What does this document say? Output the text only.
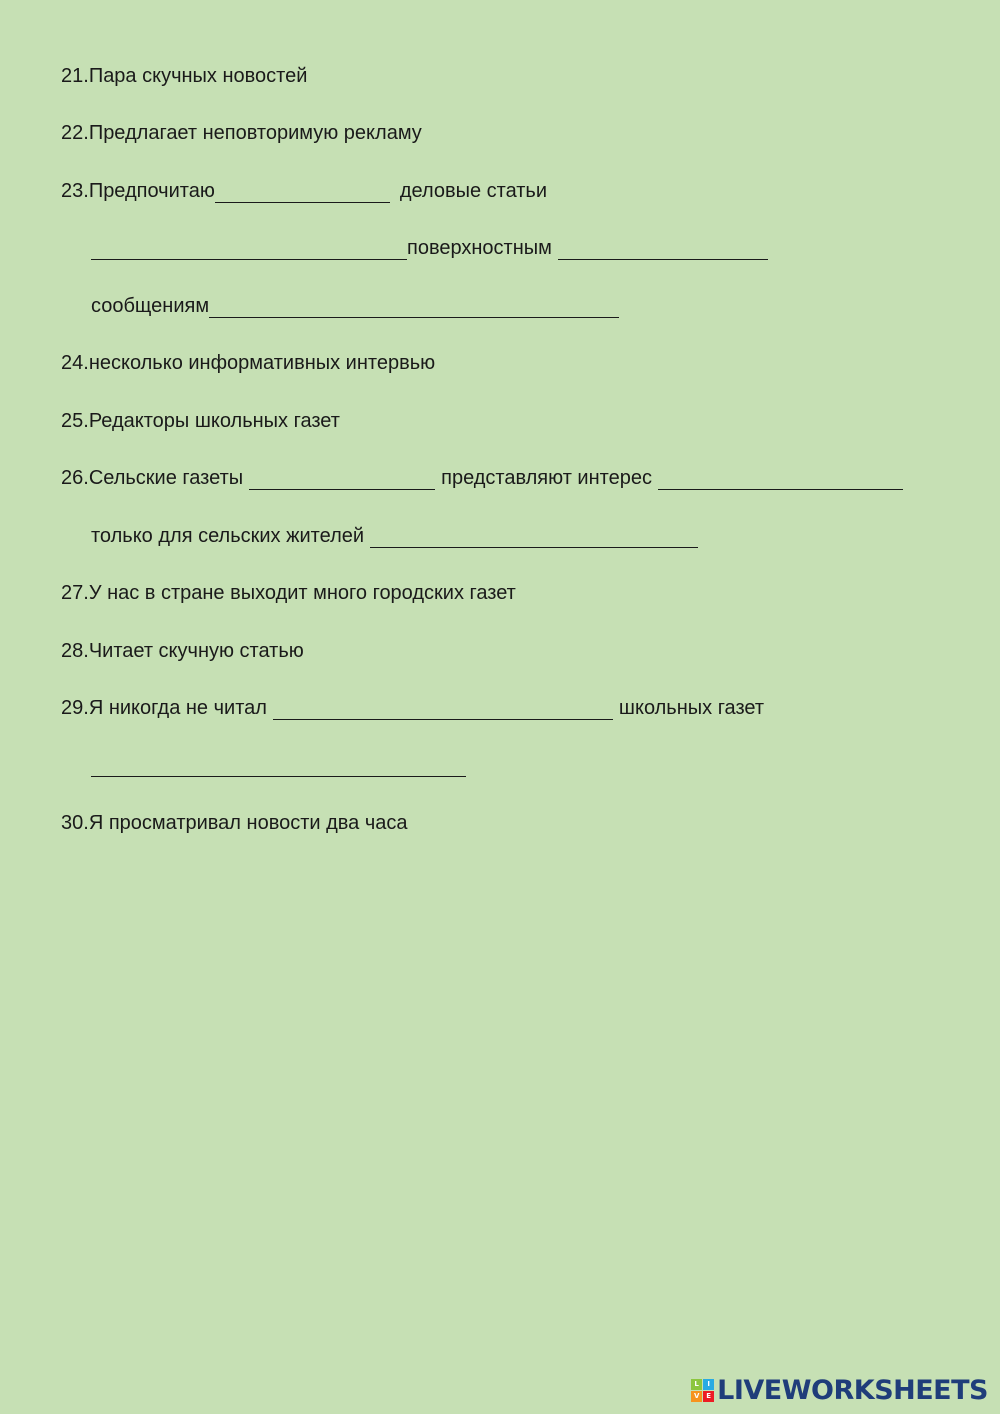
21. Пара скучных новостей
22. Предлагает неповторимую рекламу
23. Предпочитаю	деловые статьи
поверхностным
сообщениям
24. несколько информативных интервью
25. Редакторы школьных газет
26. Сельские газеты	представляют интерес
только для сельских жителей
27. У нас в стране выходит много городских газет
28. Читает скучную статью
29. Я никогда не читал	школьных газет
30. Я просматривал новости два часа
L	I
V E LIVEWORKSHEETS
